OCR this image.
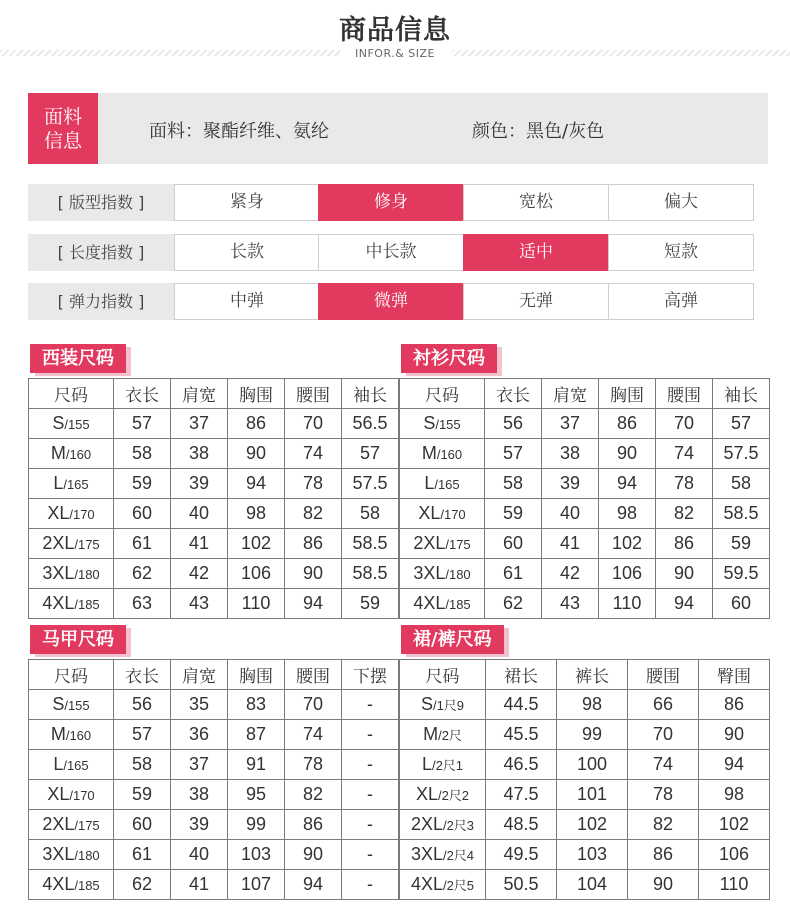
商品信息
INFOR.& SIZE
面料
信息	面料：聚酯纤维、氨纶	颜色：黑色/灰色
[ 版型指数 ]	紧身	修身	宽松	偏大
[ 长度指数 ]	长款	中长款	适中	短款
[ 弹力指数 ]	中弹	微弹	无弹	高弹
西装尺码
尺码	衣长	肩宽	胸围	腰围	袖长
S/155	57	37	86	70	56.5
M/160	58	38	90	74	57
L/165	59	39	94	78	57.5
XL/170	60	40	98	82	58
2XL/175	61	41	102	86	58.5
3XL/180	62	42	106	90	58.5
4XL/185	63	43	110	94	59
衬衫尺码
尺码	衣长	肩宽	胸围	腰围	袖长
S/155	56	37	86	70	57
M/160	57	38	90	74	57.5
L/165	58	39	94	78	58
XL/170	59	40	98	82	58.5
2XL/175	60	41	102	86	59
3XL/180	61	42	106	90	59.5
4XL/185	62	43	110	94	60
马甲尺码
尺码	衣长	肩宽	胸围	腰围	下摆
S/155	56	35	83	70	-
M/160	57	36	87	74	-
L/165	58	37	91	78	-
XL/170	59	38	95	82	-
2XL/175	60	39	99	86	-
3XL/180	61	40	103	90	-
4XL/185	62	41	107	94	-
裙/裤尺码
尺码	裙长	裤长	腰围	臀围
S/1尺9	44.5	98	66	86
M/2尺	45.5	99	70	90
L/2尺1	46.5	100	74	94
XL/2尺2	47.5	101	78	98
2XL/2尺3	48.5	102	82	102
3XL/2尺4	49.5	103	86	106
4XL/2尺5	50.5	104	90	110
